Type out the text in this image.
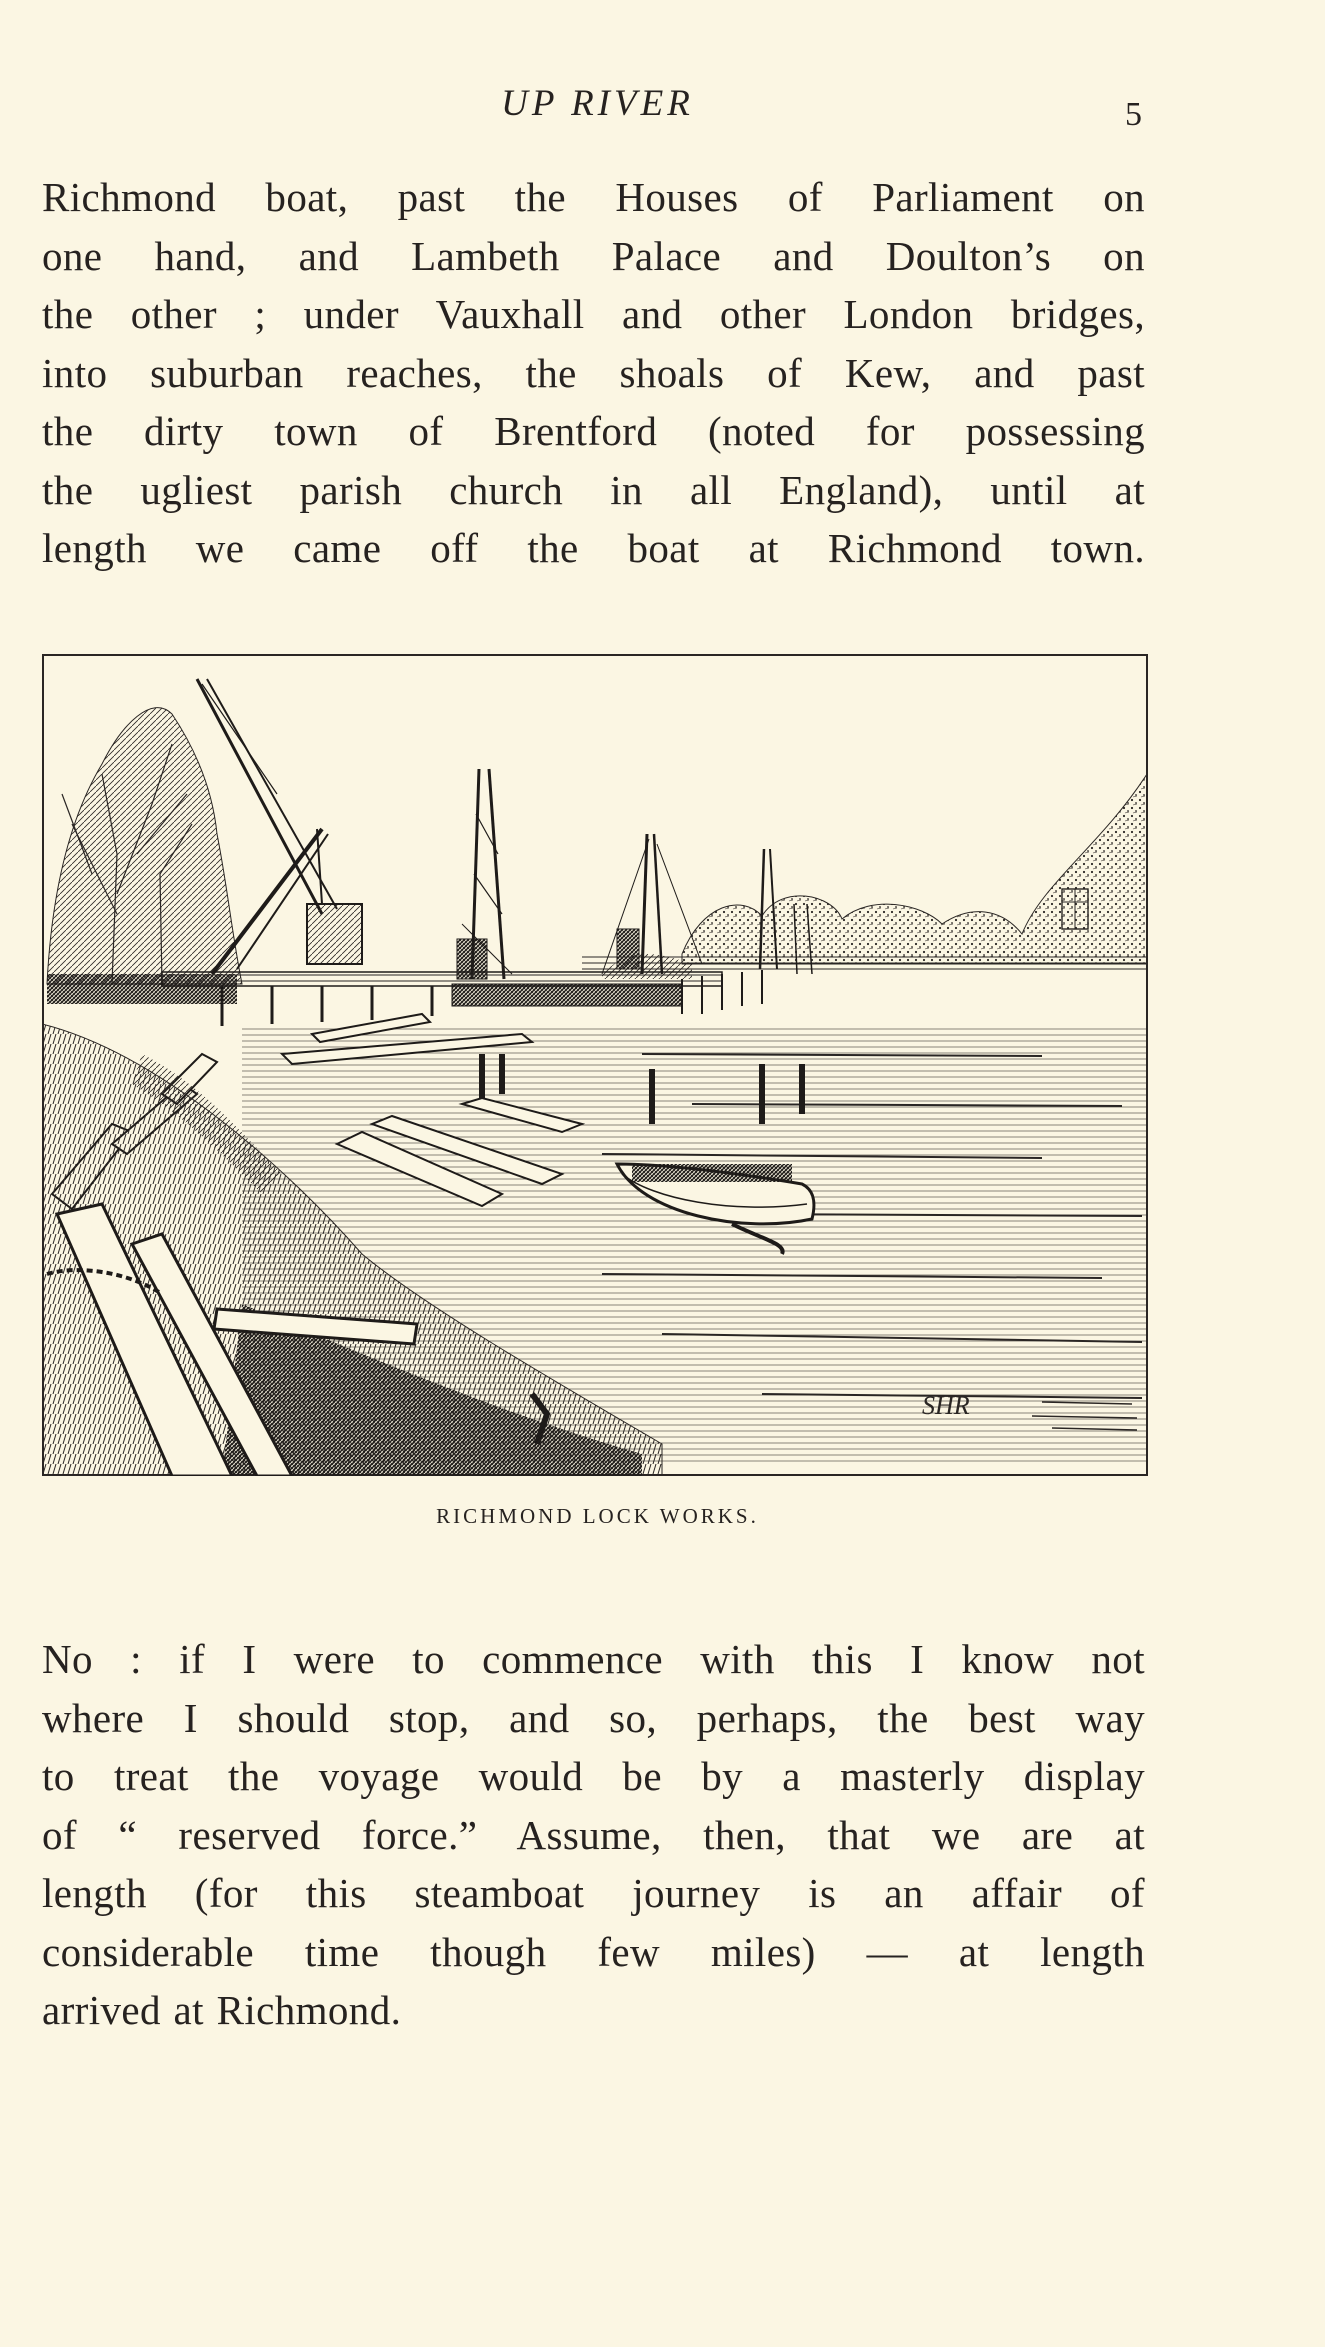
UP RIVER	5
Richmond boat, past the Houses of Parliament on
one hand, and Lambeth Palace and Doulton’s on
the other ; under Vauxhall and other London bridges,
into suburban reaches, the shoals of Kew, and past
the dirty town of Brentford (noted for possessing
the ugliest parish church in all England), until at
length we came off the boat at Richmond town.
SHR
RICHMOND LOCK WORKS.
No : if I were to commence with this I know not
where I should stop, and so, perhaps, the best way
to treat the voyage would be by a masterly display
of “ reserved force.” Assume, then, that we are at
length (for this steamboat journey is an affair of
considerable time though few miles) — at length
arrived at Richmond.
